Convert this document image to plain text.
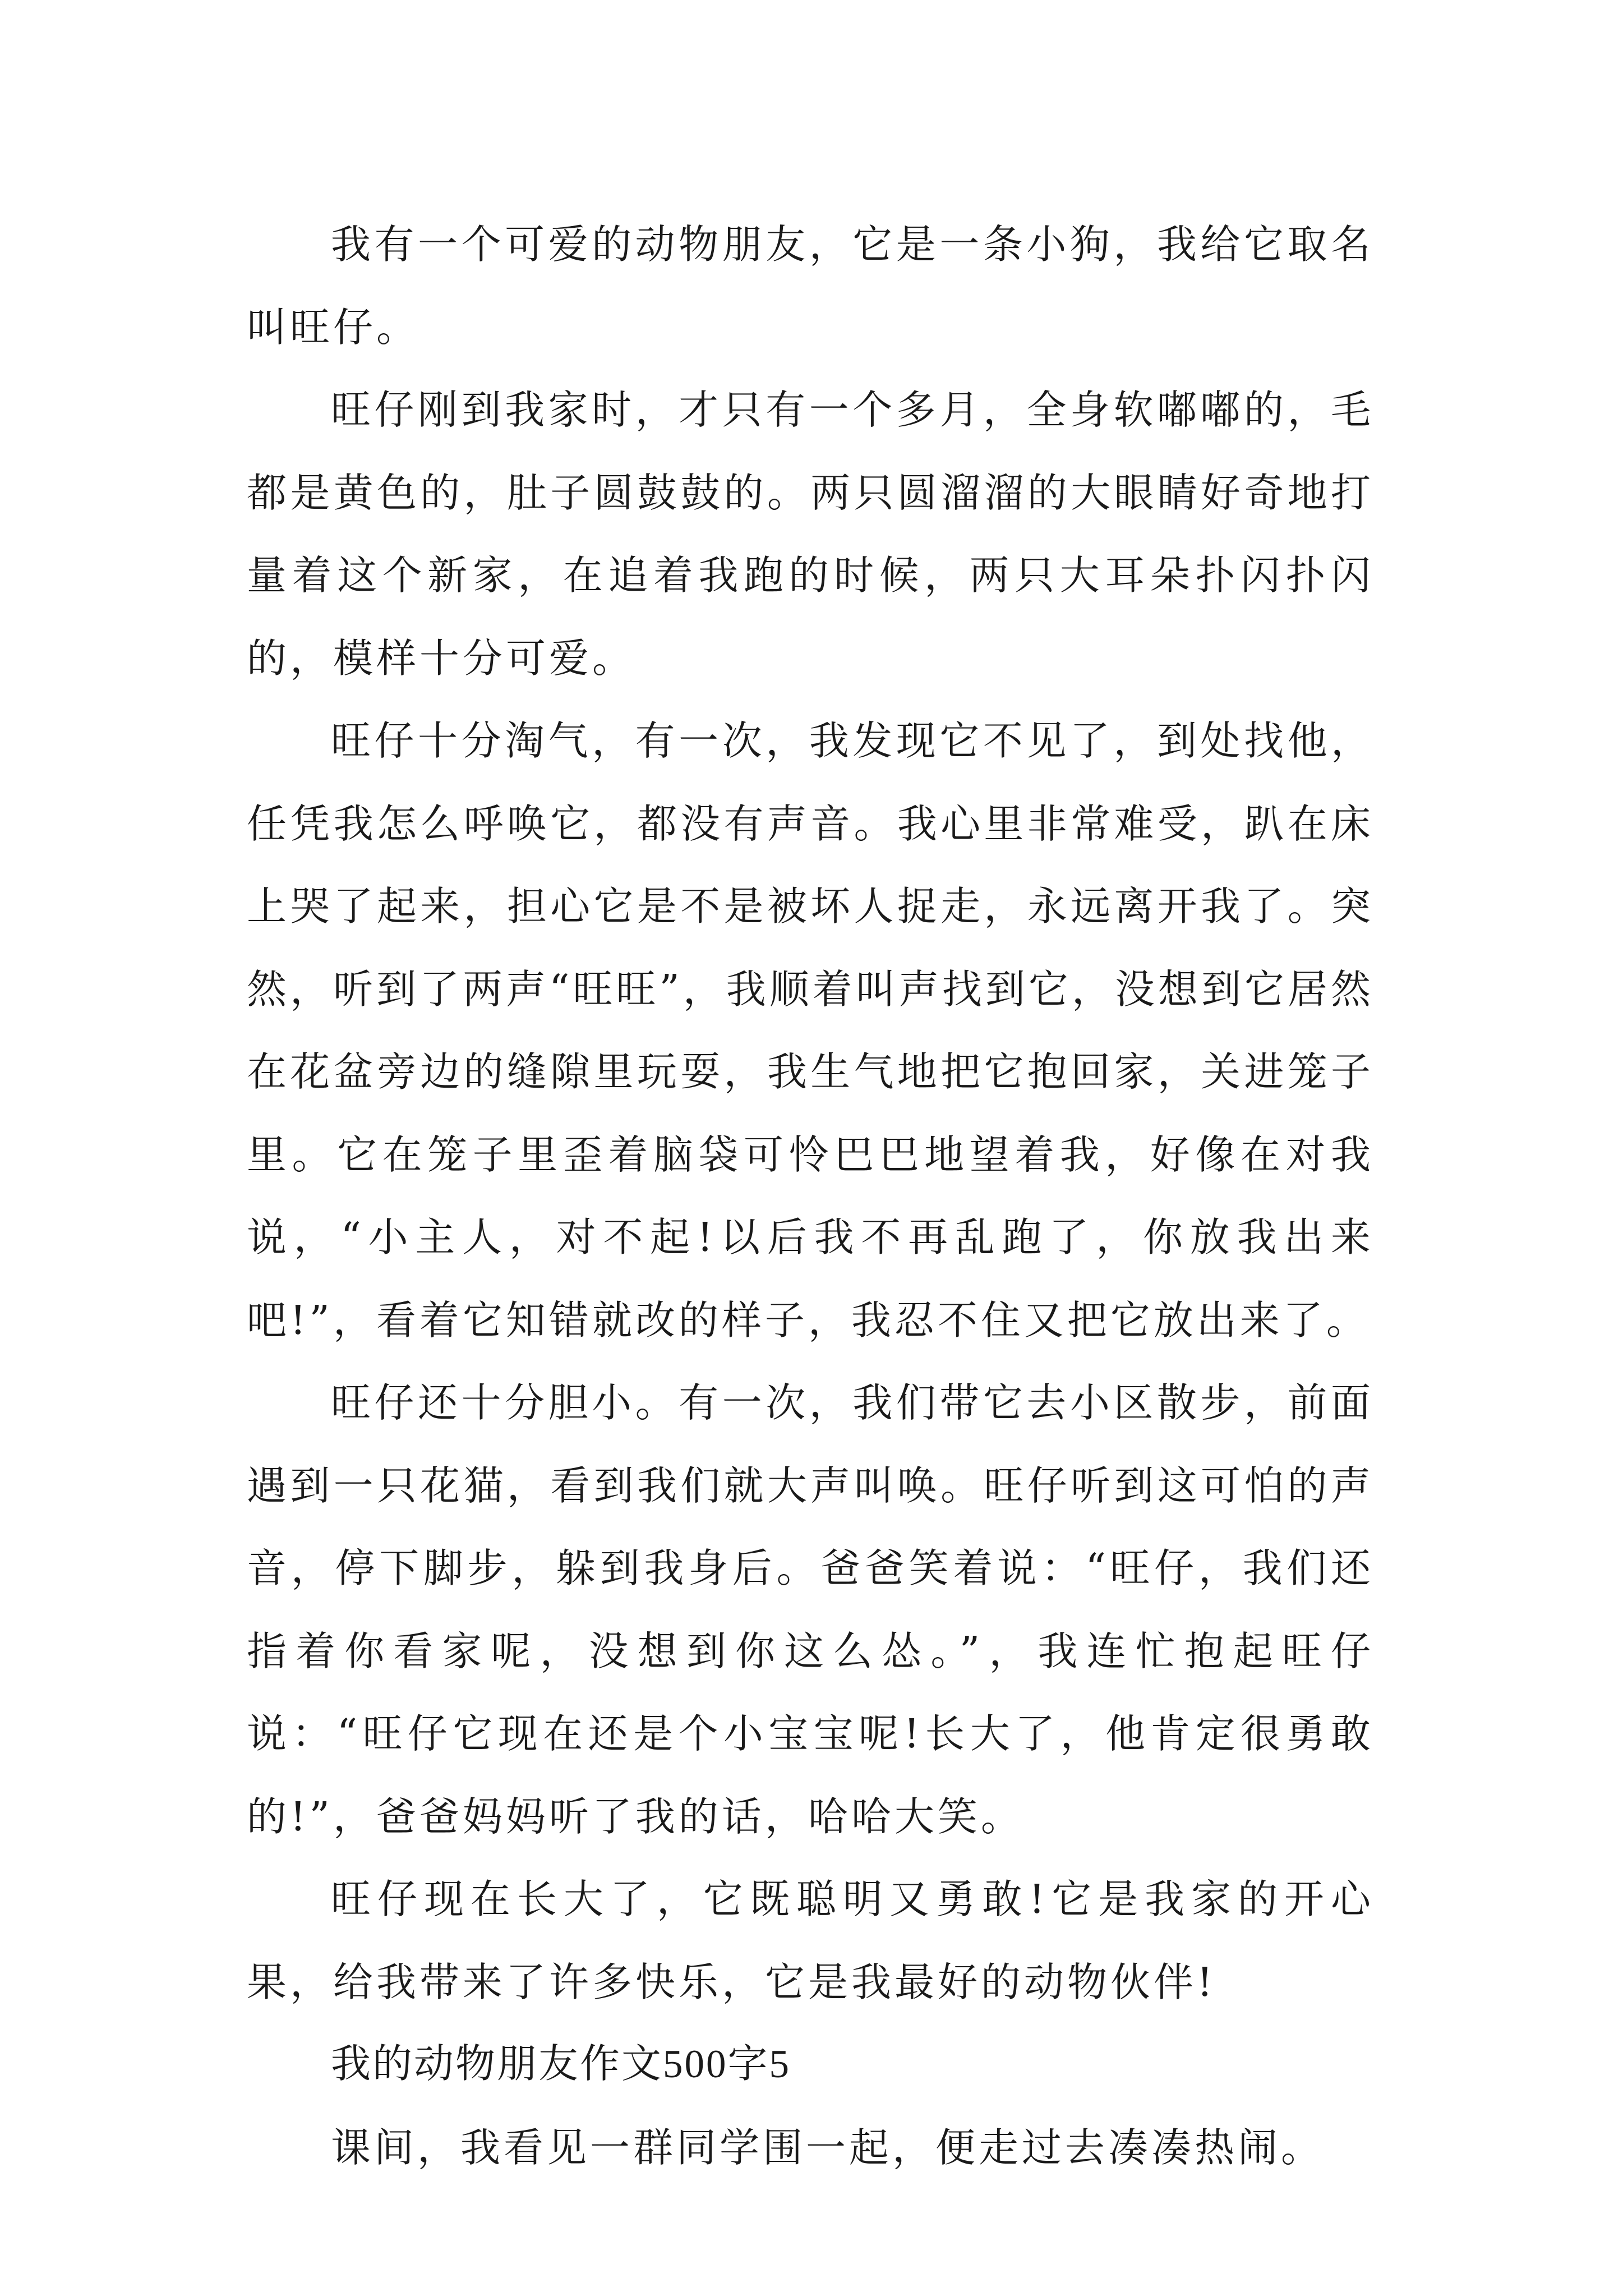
我有一个可爱的动物朋友，它是一条小狗，我给它取名叫旺仔。

旺仔刚到我家时，才只有一个多月，全身软嘟嘟的，毛都是黄色的，肚子圆鼓鼓的。两只圆溜溜的大眼睛好奇地打量着这个新家，在追着我跑的时候，两只大耳朵扑闪扑闪的，模样十分可爱。

旺仔十分淘气，有一次，我发现它不见了，到处找他，任凭我怎么呼唤它，都没有声音。我心里非常难受，趴在床上哭了起来，担心它是不是被坏人捉走，永远离开我了。突然，听到了两声“旺旺”，我顺着叫声找到它，没想到它居然在花盆旁边的缝隙里玩耍，我生气地把它抱回家，关进笼子里。它在笼子里歪着脑袋可怜巴巴地望着我，好像在对我说，“小主人，对不起!以后我不再乱跑了，你放我出来吧!”，看着它知错就改的样子，我忍不住又把它放出来了。

旺仔还十分胆小。有一次，我们带它去小区散步，前面遇到一只花猫，看到我们就大声叫唤。旺仔听到这可怕的声音，停下脚步，躲到我身后。爸爸笑着说：“旺仔，我们还指着你看家呢，没想到你这么怂。”，我连忙抱起旺仔说：“旺仔它现在还是个小宝宝呢!长大了，他肯定很勇敢的!”，爸爸妈妈听了我的话，哈哈大笑。

旺仔现在长大了，它既聪明又勇敢!它是我家的开心果，给我带来了许多快乐，它是我最好的动物伙伴!

我的动物朋友作文500字5

课间，我看见一群同学围一起，便走过去凑凑热闹。
